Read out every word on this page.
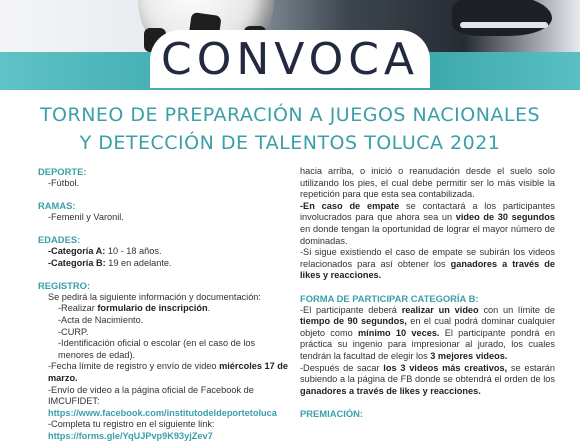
CONVOCA
TORNEO DE PREPARACIÓN A JUEGOS NACIONALES
Y DETECCIÓN DE TALENTOS TOLUCA 2021
DEPORTE:
-Fútbol.
RAMAS:
-Femenil y Varonil.
EDADES:
-Categoría A: 10 - 18 años.
-Categoría B: 19 en adelante.
REGISTRO:
Se pedirá la siguiente información y documentación:
-Realizar formulario de inscripción.
-Acta de Nacimiento.
-CURP.
-Identificación oficial o escolar (en el caso de los menores de edad).
-Fecha límite de registro y envío de video miércoles 17 de marzo.
-Envío de video a la página oficial de Facebook de IMCUFIDET:
https://www.facebook.com/institutodeldeportetoluca
-Completa tu registro en el siguiente link:
https://forms.gle/YqUJPvp9K93yjZev7
hacia arriba, o inició o reanudación desde el suelo solo utilizando los pies, el cual debe permitir ser lo más visible la repetición para que esta sea contabilizada.
-En caso de empate se contactará a los participantes involucrados para que ahora sea un video de 30 segundos en donde tengan la oportunidad de lograr el mayor número de dominadas.
-Si sigue existiendo el caso de empate se subirán los videos relacionados para así obtener los ganadores a través de likes y reacciones.
FORMA DE PARTICIPAR CATEGORÍA B:
-El participante deberá realizar un video con un límite de tiempo de 90 segundos, en el cual podrá dominar cualquier objeto como mínimo 10 veces. El participante pondrá en práctica su ingenio para impresionar al jurado, los cuales tendrán la facultad de elegir los 3 mejores videos.
-Después de sacar los 3 videos más creativos, se estarán subiendo a la página de FB donde se obtendrá el orden de los ganadores a través de likes y reacciones.
PREMIACIÓN:
